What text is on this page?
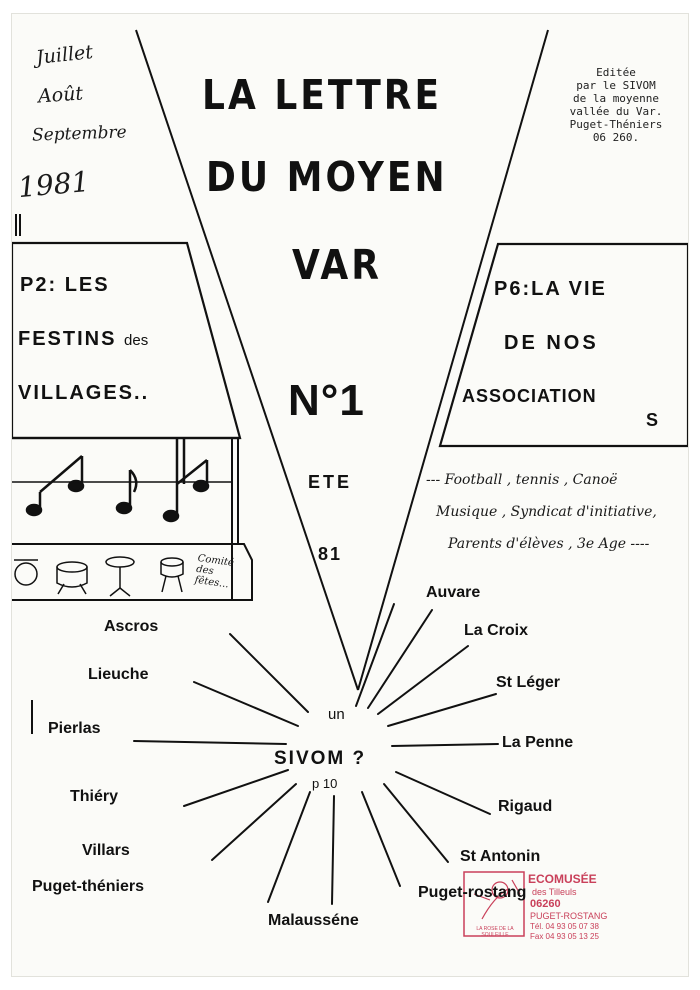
Juillet
Août
Septembre
1981
LA LETTRE
DU MOYEN
VAR
Editée
par le SIVOM
de la moyenne
vallée du Var.
Puget-Théniers
06 260.
P2: LES
FESTINS des
VILLAGES..
P6:LA VIE
DE NOS
ASSOCIATION
S
N°1
ETE
81
Comité des fêtes...
--- Football , tennis , Canoë
Musique , Syndicat d'initiative,
Parents d'élèves , 3e Age ----
un
SIVOM ?
p 10
Ascros
Lieuche
Pierlas
Thiéry
Villars
Puget-théniers
Malausséne
Auvare
La Croix
St Léger
La Penne
Rigaud
St Antonin
Puget-rostang
ECOMUSÉE
des Tilleuls
06260
PUGET-ROSTANG
Tél. 04 93 05 07 38
Fax 04 93 05 13 25
LA ROSE DE LA SOULEILLE
